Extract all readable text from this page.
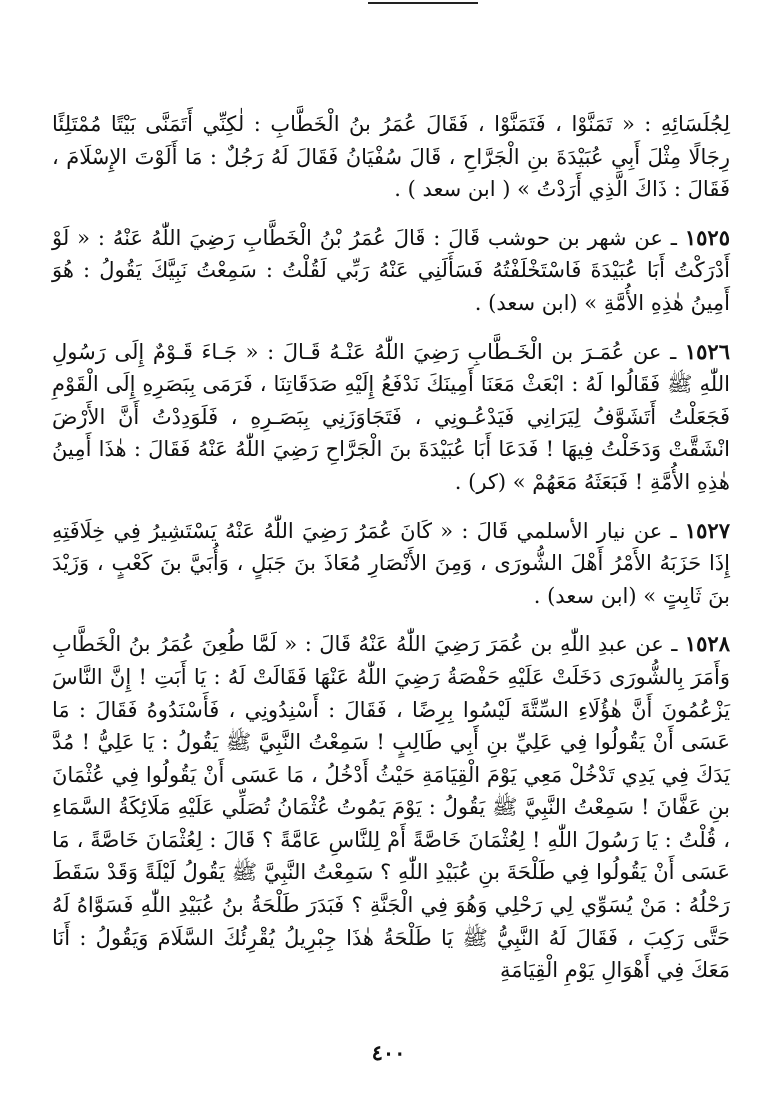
لِجُلَسَائِهِ : « تَمَنَّوْا ، فَتَمَنَّوْا ، فَقَالَ عُمَرُ بنُ الْخَطَّابِ : لٰكِنِّي أَتَمَنَّى بَيْتًا مُمْتَلِئًا رِجَالًا مِثْلَ أَبِي عُبَيْدَةَ بنِ الْجَرَّاحِ ، قَالَ سُفْيَانُ فَقَالَ لَهُ رَجُلٌ : مَا أَلَوْتَ الإِسْلَامَ ، فَقَالَ : ذَاكَ الَّذِي أَرَدْتُ » ( ابن سعد ) .

١٥٢٥ ـ عن شهر بن حوشب قَالَ : قَالَ عُمَرُ بْنُ الْخَطَّابِ رَضِيَ اللّٰهُ عَنْهُ : « لَوْ أَدْرَكْتُ أَبَا عُبَيْدَةَ فَاسْتَخْلَفْتُهُ فَسَأَلَنِي عَنْهُ رَبِّي لَقُلْتُ : سَمِعْتُ نَبِيَّكَ يَقُولُ : هُوَ أَمِينُ هٰذِهِ الأُمَّةِ » (ابن سعد) .

١٥٢٦ ـ عن عُمَـرَ بن الْخَـطَّابِ رَضِيَ اللّٰهُ عَنْـهُ قَـالَ : « جَـاءَ قَـوْمٌ إِلَى رَسُولِ اللّٰهِ ﷺ فَقَالُوا لَهُ : ابْعَثْ مَعَنَا أَمِينَكَ نَدْفَعُ إِلَيْهِ صَدَقَاتِنَا ، فَرَمَى بِبَصَرِهِ إِلَى الْقَوْمِ فَجَعَلْتُ أَتَشَوَّفُ لِيَرَانِي فَيَدْعُـونِي ، فَتَجَاوَزَنِي بِبَصَـرِهِ ، فَلَوَدِدْتُ أَنَّ الأَرْضَ انْشَقَّتْ وَدَخَلْتُ فِيهَا ! فَدَعَا أَبَا عُبَيْدَةَ بنَ الْجَرَّاحِ رَضِيَ اللّٰهُ عَنْهُ فَقَالَ : هٰذَا أَمِينُ هٰذِهِ الأُمَّةِ ! فَبَعَثَهُ مَعَهُمْ » (كر) .

١٥٢٧ ـ عن نيار الأسلمي قَالَ : « كَانَ عُمَرُ رَضِيَ اللّٰهُ عَنْهُ يَسْتَشِيرُ فِي خِلَافَتِهِ إِذَا حَزَبَهُ الأَمْرُ أَهْلَ الشُّورَى ، وَمِنَ الأَنْصَارِ مُعَاذَ بنَ جَبَلٍ ، وَأُبَيَّ بنَ كَعْبٍ ، وَزَيْدَ بنَ ثَابِتٍ » (ابن سعد) .

١٥٢٨ ـ عن عبدِ اللّٰهِ بن عُمَرَ رَضِيَ اللّٰهُ عَنْهُ قَالَ : « لَمَّا طُعِنَ عُمَرُ بنُ الْخَطَّابِ وَأَمَرَ بِالشُّورَى دَخَلَتْ عَلَيْهِ حَفْصَةُ رَضِيَ اللّٰهُ عَنْهَا فَقَالَتْ لَهُ : يَا أَبَتِ ! إِنَّ النَّاسَ يَزْعُمُونَ أَنَّ هٰؤُلَاءِ السِّتَّةَ لَيْسُوا بِرِضًا ، فَقَالَ : أَسْنِدُونِي ، فَأَسْنَدُوهُ فَقَالَ : مَا عَسَى أَنْ يَقُولُوا فِي عَلِيِّ بنِ أَبِي طَالِبٍ ! سَمِعْتُ النَّبِيَّ ﷺ يَقُولُ : يَا عَلِيُّ ! مُدَّ يَدَكَ فِي يَدِي تَدْخُلْ مَعِي يَوْمَ الْقِيَامَةِ حَيْثُ أَدْخُلُ ، مَا عَسَى أَنْ يَقُولُوا فِي عُثْمَانَ بنِ عَفَّانَ ! سَمِعْتُ النَّبِيَّ ﷺ يَقُولُ : يَوْمَ يَمُوتُ عُثْمَانُ تُصَلِّي عَلَيْهِ مَلَائِكَةُ السَّمَاءِ ، قُلْتُ : يَا رَسُولَ اللّٰهِ ! لِعُثْمَانَ خَاصَّةً أَمْ لِلنَّاسِ عَامَّةً ؟ قَالَ : لِعُثْمَانَ خَاصَّةً ، مَا عَسَى أَنْ يَقُولُوا فِي طَلْحَةَ بنِ عُبَيْدِ اللّٰهِ ؟ سَمِعْتُ النَّبِيَّ ﷺ يَقُولُ لَيْلَةً وَقَدْ سَقَطَ رَحْلُهُ : مَنْ يُسَوِّي لِي رَحْلِي وَهُوَ فِي الْجَنَّةِ ؟ فَبَدَرَ طَلْحَةُ بنُ عُبَيْدِ اللّٰهِ فَسَوَّاهُ لَهُ حَتَّى رَكِبَ ، فَقَالَ لَهُ النَّبِيُّ ﷺ يَا طَلْحَةُ هٰذَا جِبْرِيلُ يُقْرِئُكَ السَّلَامَ وَيَقُولُ : أَنَا مَعَكَ فِي أَهْوَالِ يَوْمِ الْقِيَامَةِ

٤٠٠
